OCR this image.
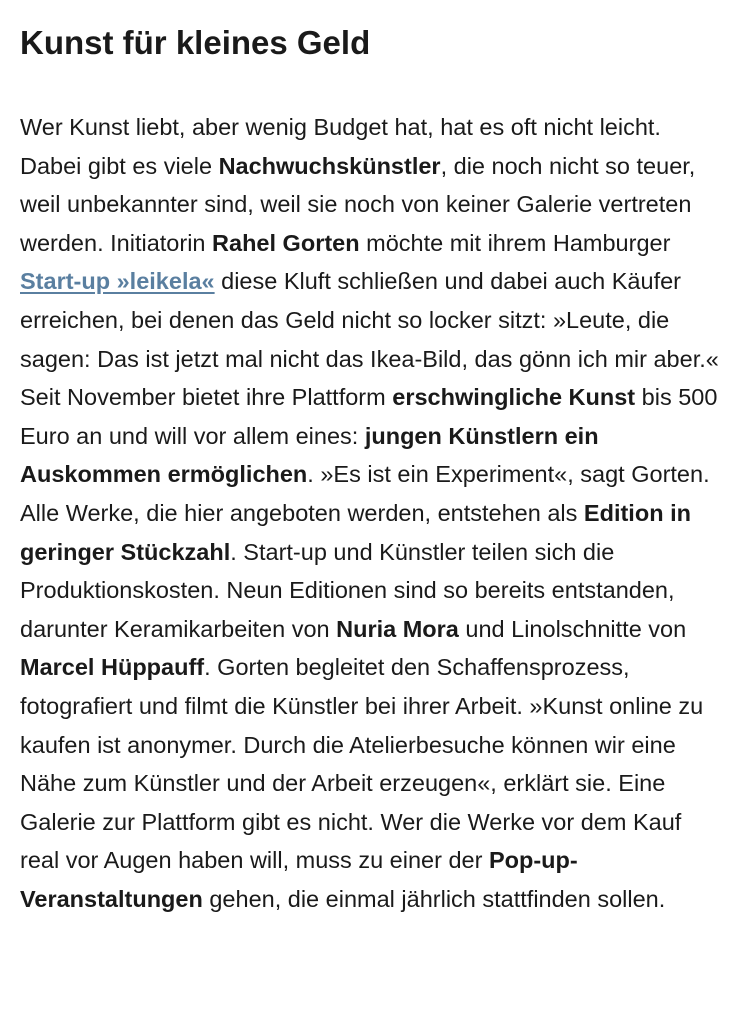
Kunst für kleines Geld

Wer Kunst liebt, aber wenig Budget hat, hat es oft nicht leicht. Dabei gibt es viele Nachwuchskünstler, die noch nicht so teuer, weil unbekannter sind, weil sie noch von keiner Galerie vertreten werden. Initiatorin Rahel Gorten möchte mit ihrem Hamburger Start-up »leikela« diese Kluft schließen und dabei auch Käufer erreichen, bei denen das Geld nicht so locker sitzt: »Leute, die sagen: Das ist jetzt mal nicht das Ikea-Bild, das gönn ich mir aber.« Seit November bietet ihre Plattform erschwingliche Kunst bis 500 Euro an und will vor allem eines: jungen Künstlern ein Auskommen ermöglichen. »Es ist ein Experiment«, sagt Gorten. Alle Werke, die hier angeboten werden, entstehen als Edition in geringer Stückzahl. Start-up und Künstler teilen sich die Produktionskosten. Neun Editionen sind so bereits entstanden, darunter Keramikarbeiten von Nuria Mora und Linolschnitte von Marcel Hüppauff. Gorten begleitet den Schaffensprozess, fotografiert und filmt die Künstler bei ihrer Arbeit. »Kunst online zu kaufen ist anonymer. Durch die Atelierbesuche können wir eine Nähe zum Künstler und der Arbeit erzeugen«, erklärt sie. Eine Galerie zur Plattform gibt es nicht. Wer die Werke vor dem Kauf real vor Augen haben will, muss zu einer der Pop-up-Veranstaltungen gehen, die einmal jährlich stattfinden sollen.
